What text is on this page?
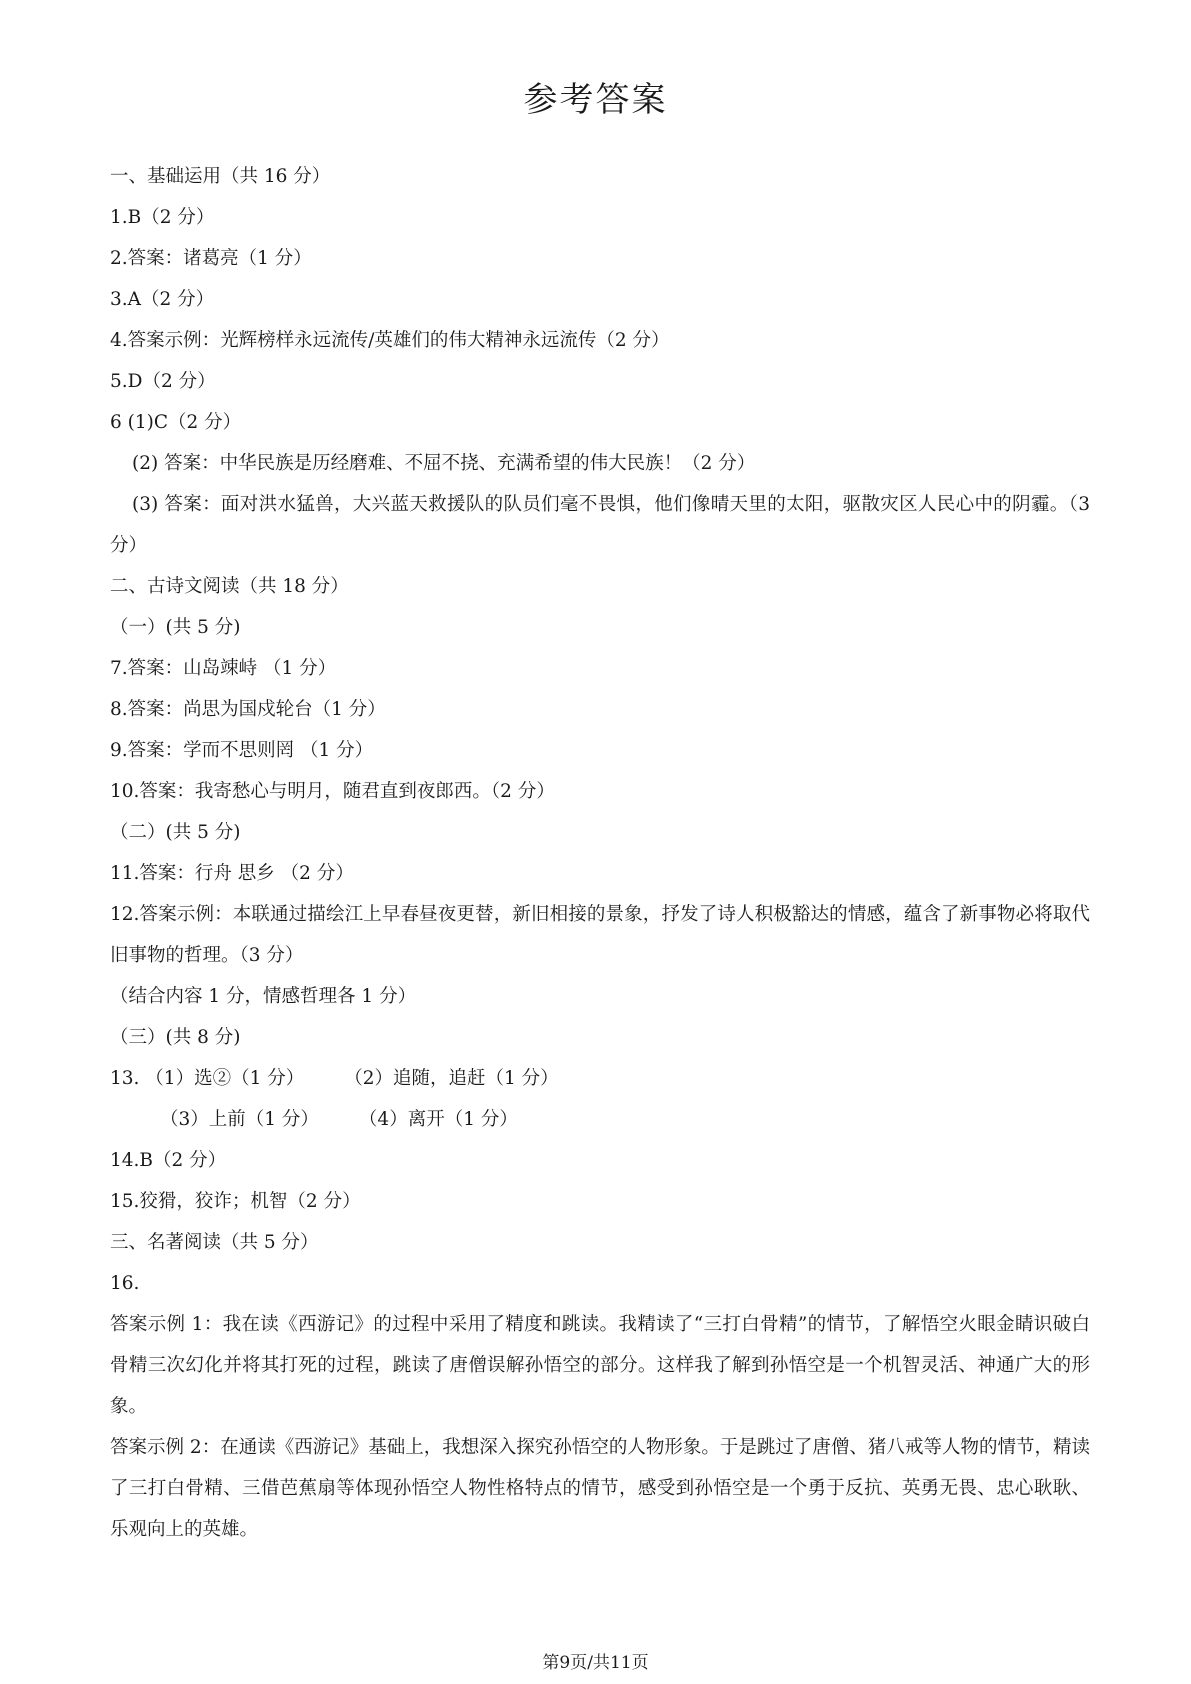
参考答案
一、基础运用（共 16 分）
1.B（2 分）
2.答案：诸葛亮（1 分）
3.A（2 分）
4.答案示例：光辉榜样永远流传/英雄们的伟大精神永远流传（2 分）
5.D（2 分）
6 (1)C（2 分）
(2) 答案：中华民族是历经磨难、不屈不挠、充满希望的伟大民族！（2 分）
(3) 答案：面对洪水猛兽，大兴蓝天救援队的队员们毫不畏惧，他们像晴天里的太阳，驱散灾区人民心中的阴霾。（3 分）
二、古诗文阅读（共 18 分）
（一）(共 5 分)
7.答案：山岛竦峙 （1 分）
8.答案：尚思为国戍轮台（1 分）
9.答案：学而不思则罔 （1 分）
10.答案：我寄愁心与明月，随君直到夜郎西。（2 分）
（二）(共 5 分)
11.答案：行舟 思乡 （2 分）
12.答案示例：本联通过描绘江上早春昼夜更替，新旧相接的景象，抒发了诗人积极豁达的情感，蕴含了新事物必将取代旧事物的哲理。（3 分）
（结合内容 1 分，情感哲理各 1 分）
（三）(共 8 分)
13. （1）选②（1 分） （2）追随，追赶（1 分）
（3）上前（1 分） （4）离开（1 分）
14.B（2 分）
15.狡猾，狡诈；机智（2 分）
三、名著阅读（共 5 分）
16.
答案示例 1：我在读《西游记》的过程中采用了精度和跳读。我精读了“三打白骨精”的情节，了解悟空火眼金睛识破白骨精三次幻化并将其打死的过程，跳读了唐僧误解孙悟空的部分。这样我了解到孙悟空是一个机智灵活、神通广大的形象。
答案示例 2：在通读《西游记》基础上，我想深入探究孙悟空的人物形象。于是跳过了唐僧、猪八戒等人物的情节，精读了三打白骨精、三借芭蕉扇等体现孙悟空人物性格特点的情节，感受到孙悟空是一个勇于反抗、英勇无畏、忠心耿耿、乐观向上的英雄。
第9页/共11页
